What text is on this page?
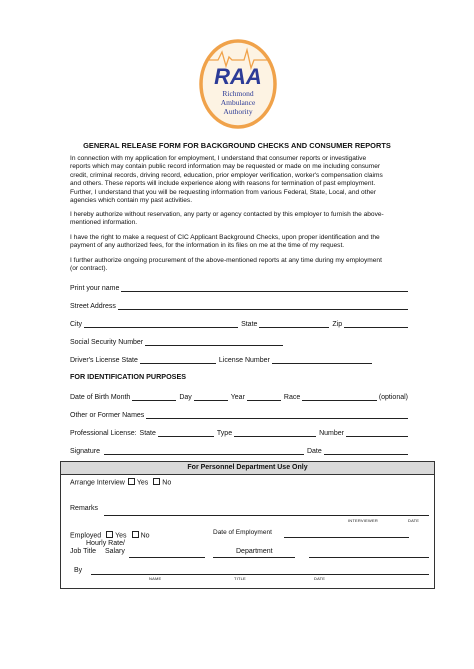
RAA
Richmond
Ambulance
Authority
GENERAL RELEASE FORM FOR BACKGROUND CHECKS AND CONSUMER REPORTS
In connection with my application for employment, I understand that consumer reports or investigative
reports which may contain public record information may be requested or made on me including consumer
credit, criminal records, driving record, education, prior employer verification, worker's compensation claims
and others. These reports will include experience along with reasons for termination of past employment.
Further, I understand that you will be requesting information from various Federal, State, Local, and other
agencies which contain my past activities.
I hereby authorize without reservation, any party or agency contacted by this employer to furnish the above-
mentioned information.
I have the right to make a request of CIC Applicant Background Checks, upon proper identification and the
payment of any authorized fees, for the information in its files on me at the time of my request.
I further authorize ongoing procurement of the above-mentioned reports at any time during my employment
(or contract).
Print your name
Street Address
City	State	Zip
Social Security Number
Driver's License State	License Number
FOR IDENTIFICATION PURPOSES
Date of Birth Month	Day	Year	Race	(optional)
Other or Former Names
Professional License: State	Type	Number
Signature	Date
For Personnel Department Use Only
Arrange Interview Yes No
Remarks
INTERVIEWER	DATE
Employed Yes No	Date of Employment
Hourly Rate/
Job Title Salary	Department
By
NAME	TITLE	DATE
